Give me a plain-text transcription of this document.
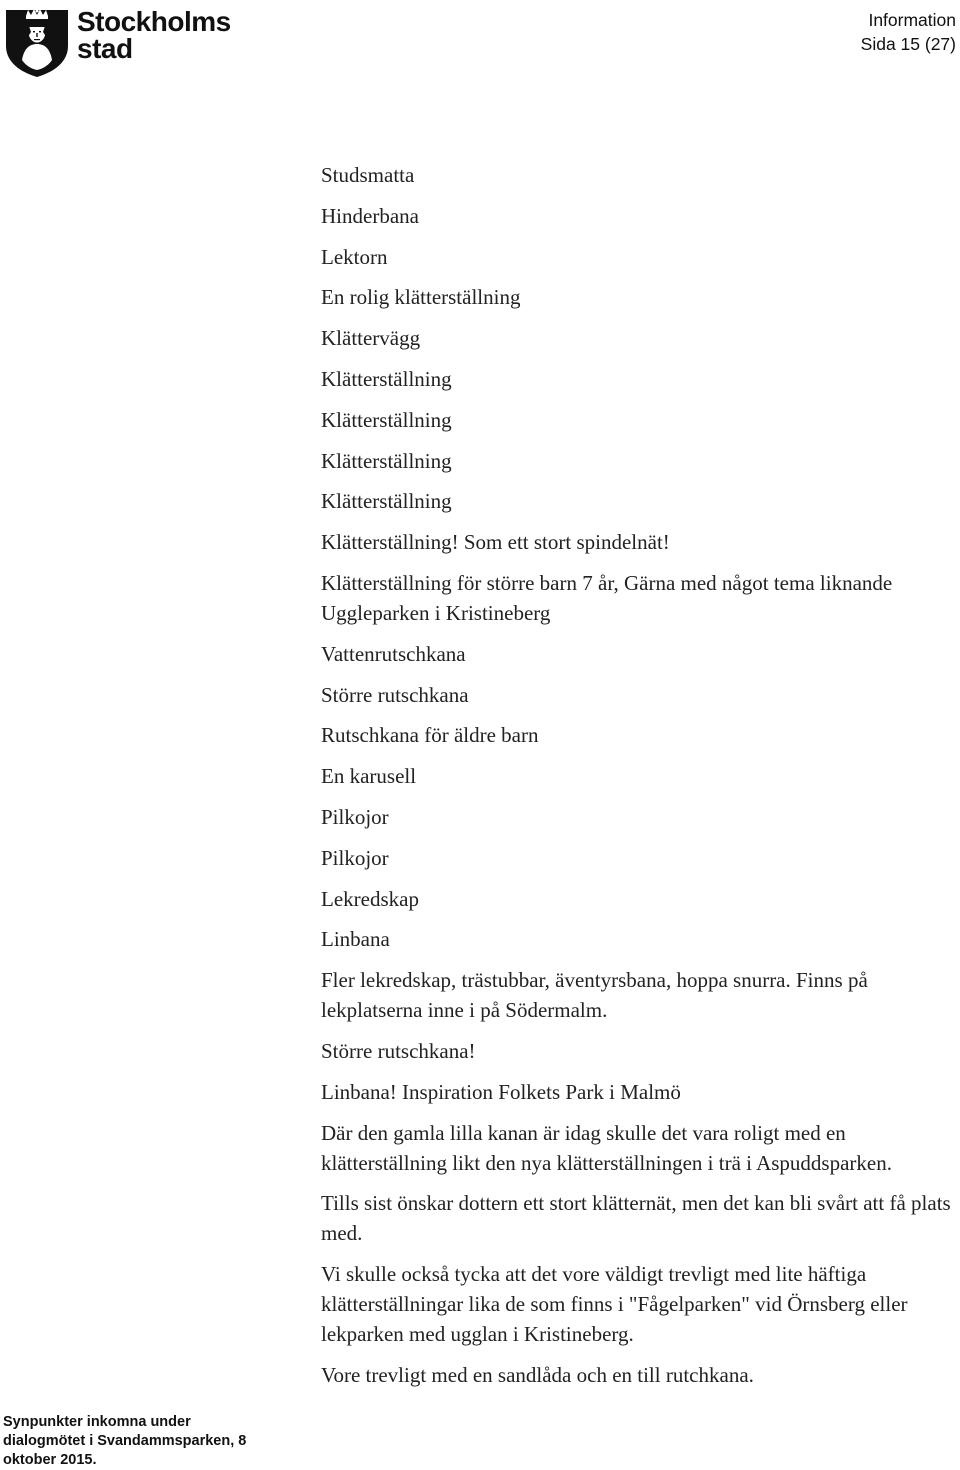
Stockholms
stad
Information
Sida 15 (27)

Studsmatta

Hinderbana

Lektorn

En rolig klätterställning

Klättervägg

Klätterställning

Klätterställning

Klätterställning

Klätterställning

Klätterställning! Som ett stort spindelnät!

Klätterställning för större barn 7 år, Gärna med något tema liknande Uggleparken i Kristineberg

Vattenrutschkana

Större rutschkana

Rutschkana för äldre barn

En karusell

Pilkojor

Pilkojor

Lekredskap

Linbana

Fler lekredskap, trästubbar, äventyrsbana, hoppa snurra. Finns på lekplatserna inne i på Södermalm.

Större rutschkana!

Linbana! Inspiration Folkets Park i Malmö

Där den gamla lilla kanan är idag skulle det vara roligt med en klätterställning likt den nya klätterställningen i trä i Aspuddsparken.

Tills sist önskar dottern ett stort klätternät, men det kan bli svårt att få plats med.

Vi skulle också tycka att det vore väldigt trevligt med lite häftiga klätterställningar lika de som finns i "Fågelparken" vid Örnsberg eller lekparken med ugglan i Kristineberg.

Vore trevligt med en sandlåda och en till rutchkana.

Synpunkter inkomna under
dialogmötet i Svandammsparken, 8
oktober 2015.
